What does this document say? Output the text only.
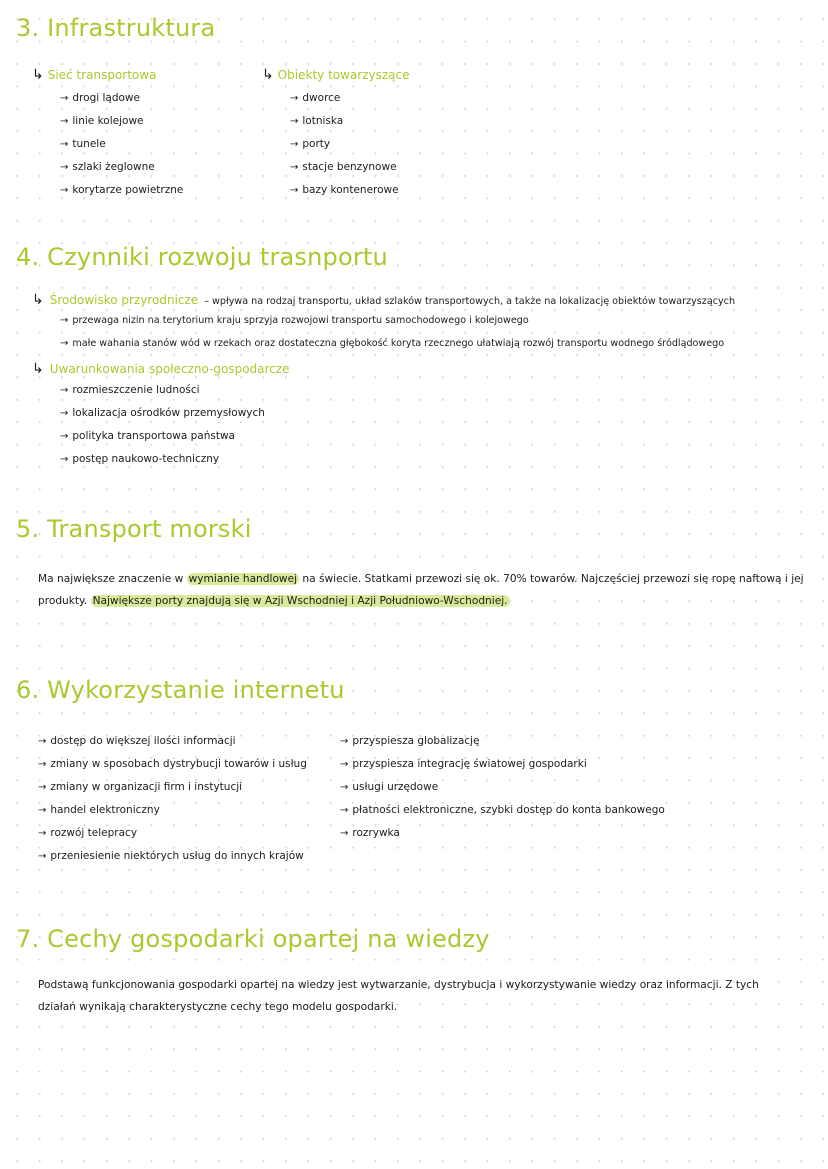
3. Infrastruktura
↳ Sieć transportowa
→ drogi lądowe
→ linie kolejowe
→ tunele
→ szlaki żeglowne
→ korytarze powietrzne
↳ Obiekty towarzyszące
→ dworce
→ lotniska
→ porty
→ stacje benzynowe
→ bazy kontenerowe
4. Czynniki rozwoju trasnportu
↳ Środowisko przyrodnicze – wpływa na rodzaj transportu, układ szlaków transportowych, a także na lokalizację obiektów towarzyszących
→ przewaga nizin na terytorium kraju sprzyja rozwojowi transportu samochodowego i kolejowego
→ małe wahania stanów wód w rzekach oraz dostateczna głębokość koryta rzecznego ułatwiają rozwój transportu wodnego śródlądowego
↳ Uwarunkowania społeczno-gospodarcze
→ rozmieszczenie ludności
→ lokalizacja ośrodków przemysłowych
→ polityka transportowa państwa
→ postęp naukowo-techniczny
5. Transport morski

Ma największe znaczenie w wymianie handlowej na świecie. Statkami przewozi się ok. 70% towarów. Najczęściej przewozi się ropę naftową i jej produkty. Największe porty znajdują się w Azji Wschodniej i Azji Południowo-Wschodniej.

6. Wykorzystanie internetu
→ dostęp do większej ilości informacji
→ zmiany w sposobach dystrybucji towarów i usług
→ zmiany w organizacji firm i instytucji
→ handel elektroniczny
→ rozwój telepracy
→ przeniesienie niektórych usług do innych krajów
→ przyspiesza globalizację
→ przyspiesza integrację światowej gospodarki
→ usługi urzędowe
→ płatności elektroniczne, szybki dostęp do konta bankowego
→ rozrywka
7. Cechy gospodarki opartej na wiedzy

Podstawą funkcjonowania gospodarki opartej na wiedzy jest wytwarzanie, dystrybucja i wykorzystywanie wiedzy oraz informacji. Z tych działań wynikają charakterystyczne cechy tego modelu gospodarki.
